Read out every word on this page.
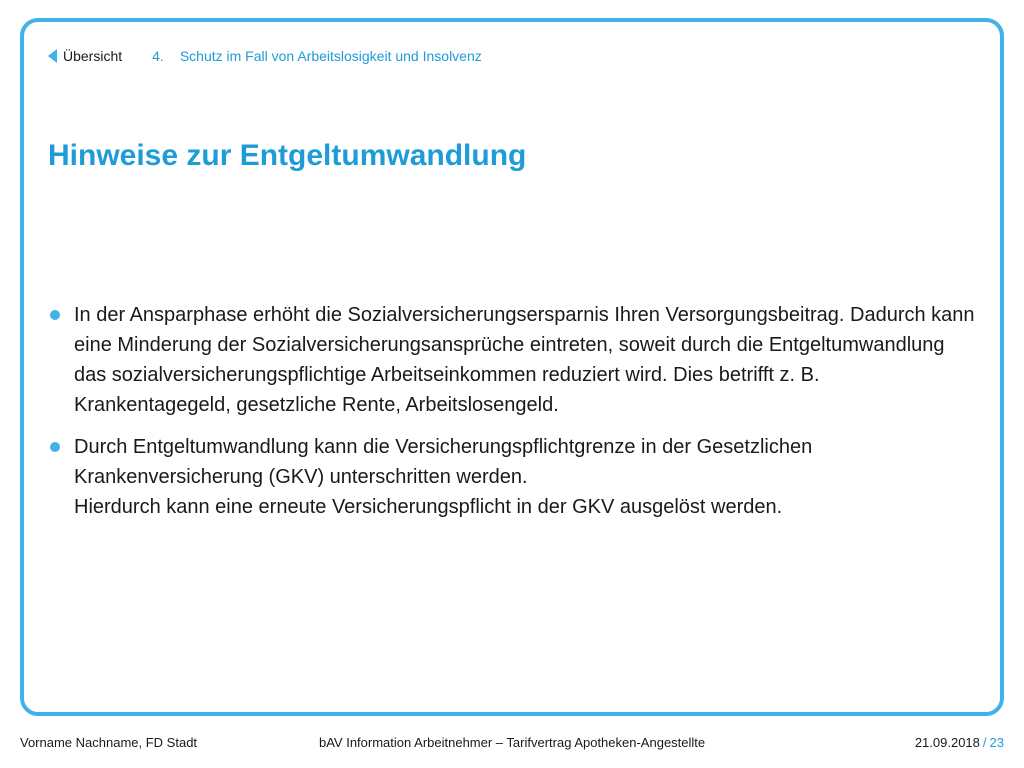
Übersicht 4. Schutz im Fall von Arbeitslosigkeit und Insolvenz
Hinweise zur Entgeltumwandlung

In der Ansparphase erhöht die Sozialversicherungsersparnis Ihren Versorgungsbeitrag. Dadurch kann eine Minderung der Sozialversicherungsansprüche eintreten, soweit durch die Entgeltumwandlung das sozialversicherungspflichtige Arbeitseinkommen reduziert wird. Dies betrifft z. B. Krankentagegeld, gesetzliche Rente, Arbeitslosengeld.

Durch Entgeltumwandlung kann die Versicherungspflichtgrenze in der Gesetzlichen Krankenversicherung (GKV) unterschritten werden.

Hierdurch kann eine erneute Versicherungspflicht in der GKV ausgelöst werden.

Vorname Nachname, FD Stadt	bAV Information Arbeitnehmer – Tarifvertrag Apotheken-Angestellte	21.09.2018 / 23
